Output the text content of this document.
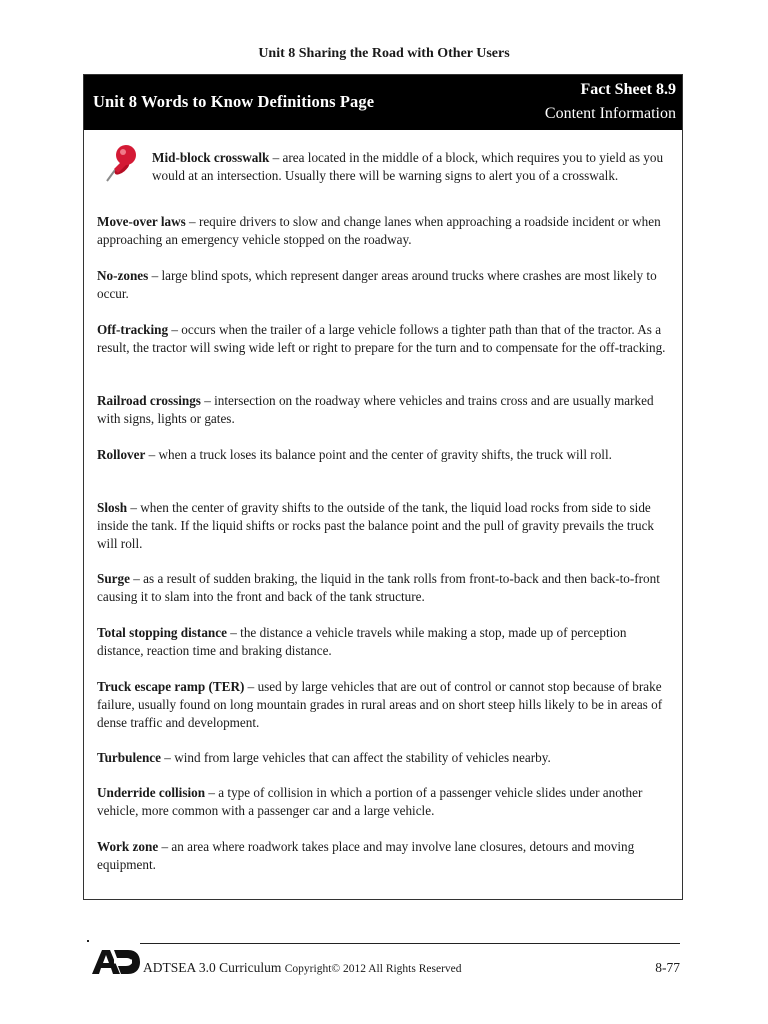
Unit 8 Sharing the Road with Other Users
Unit 8 Words to Know Definitions Page
Fact Sheet 8.9
Content Information

Mid-block crosswalk – area located in the middle of a block, which requires you to yield as you would at an intersection. Usually there will be warning signs to alert you of a crosswalk.

Move-over laws – require drivers to slow and change lanes when approaching a roadside incident or when approaching an emergency vehicle stopped on the roadway.

No-zones – large blind spots, which represent danger areas around trucks where crashes are most likely to occur.

Off-tracking – occurs when the trailer of a large vehicle follows a tighter path than that of the tractor. As a result, the tractor will swing wide left or right to prepare for the turn and to compensate for the off-tracking.

Railroad crossings – intersection on the roadway where vehicles and trains cross and are usually marked with signs, lights or gates.

Rollover – when a truck loses its balance point and the center of gravity shifts, the truck will roll.

Slosh – when the center of gravity shifts to the outside of the tank, the liquid load rocks from side to side inside the tank. If the liquid shifts or rocks past the balance point and the pull of gravity prevails the truck will roll.

Surge – as a result of sudden braking, the liquid in the tank rolls from front-to-back and then back-to-front causing it to slam into the front and back of the tank structure.

Total stopping distance – the distance a vehicle travels while making a stop, made up of perception distance, reaction time and braking distance.

Truck escape ramp (TER) – used by large vehicles that are out of control or cannot stop because of brake failure, usually found on long mountain grades in rural areas and on short steep hills likely to be in areas of dense traffic and development.

Turbulence – wind from large vehicles that can affect the stability of vehicles nearby.

Underride collision – a type of collision in which a portion of a passenger vehicle slides under another vehicle, more common with a passenger car and a large vehicle.

Work zone – an area where roadwork takes place and may involve lane closures, detours and moving equipment.

ADTSEA 3.0 Curriculum Copyright© 2012 All Rights Reserved	8-77
